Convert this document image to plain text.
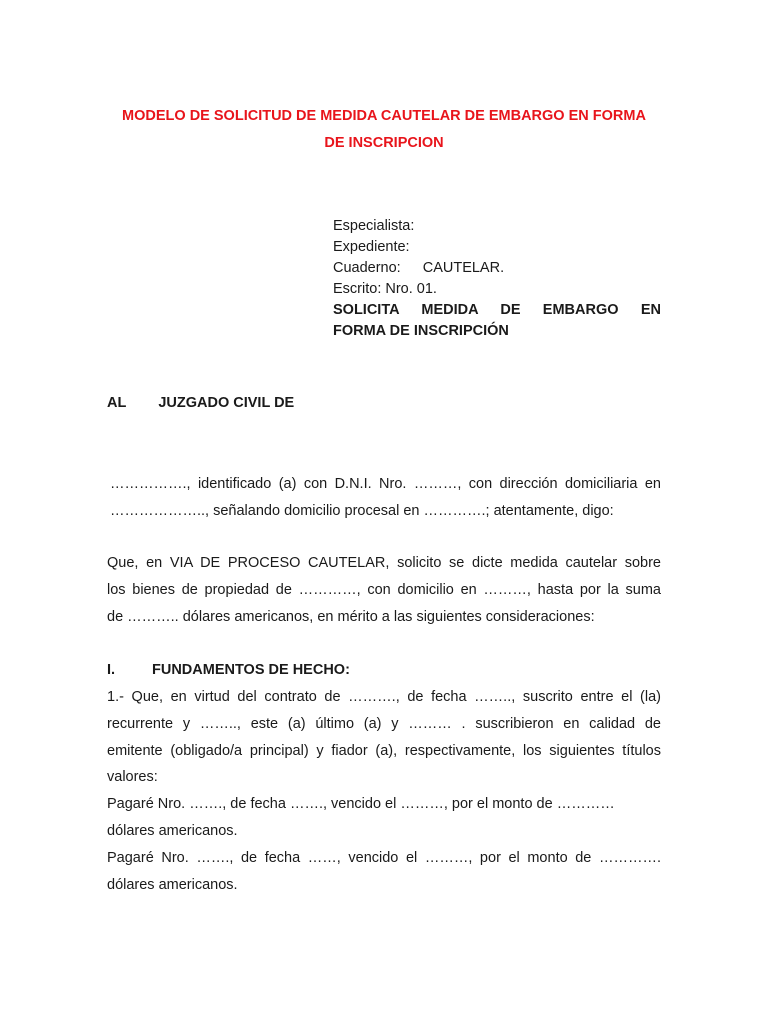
MODELO DE SOLICITUD DE MEDIDA CAUTELAR DE EMBARGO EN FORMA
DE INSCRIPCION
Especialista:
Expediente:
Cuaderno: CAUTELAR.
Escrito: Nro. 01.
SOLICITA MEDIDA DE EMBARGO EN
FORMA DE INSCRIPCIÓN
AL JUZGADO CIVIL DE
……………., identificado (a) con D.N.I. Nro. ………, con dirección domiciliaria en
……………….., señalando domicilio procesal en ………….; atentamente, digo:
Que, en VIA DE PROCESO CAUTELAR, solicito se dicte medida cautelar sobre
los bienes de propiedad de …………, con domicilio en ………, hasta por la suma
de ……….. dólares americanos, en mérito a las siguientes consideraciones:
I.	FUNDAMENTOS DE HECHO:
1.- Que, en virtud del contrato de ………., de fecha …….., suscrito entre el (la)
recurrente y …….., este (a) último (a) y ……… . suscribieron en calidad de
emitente (obligado/a principal) y fiador (a), respectivamente, los siguientes títulos
valores:
Pagaré Nro. ……., de fecha ……., vencido el ………, por el monto de …………
dólares americanos.
Pagaré Nro. ……., de fecha ……, vencido el ………, por el monto de ………….
dólares americanos.
